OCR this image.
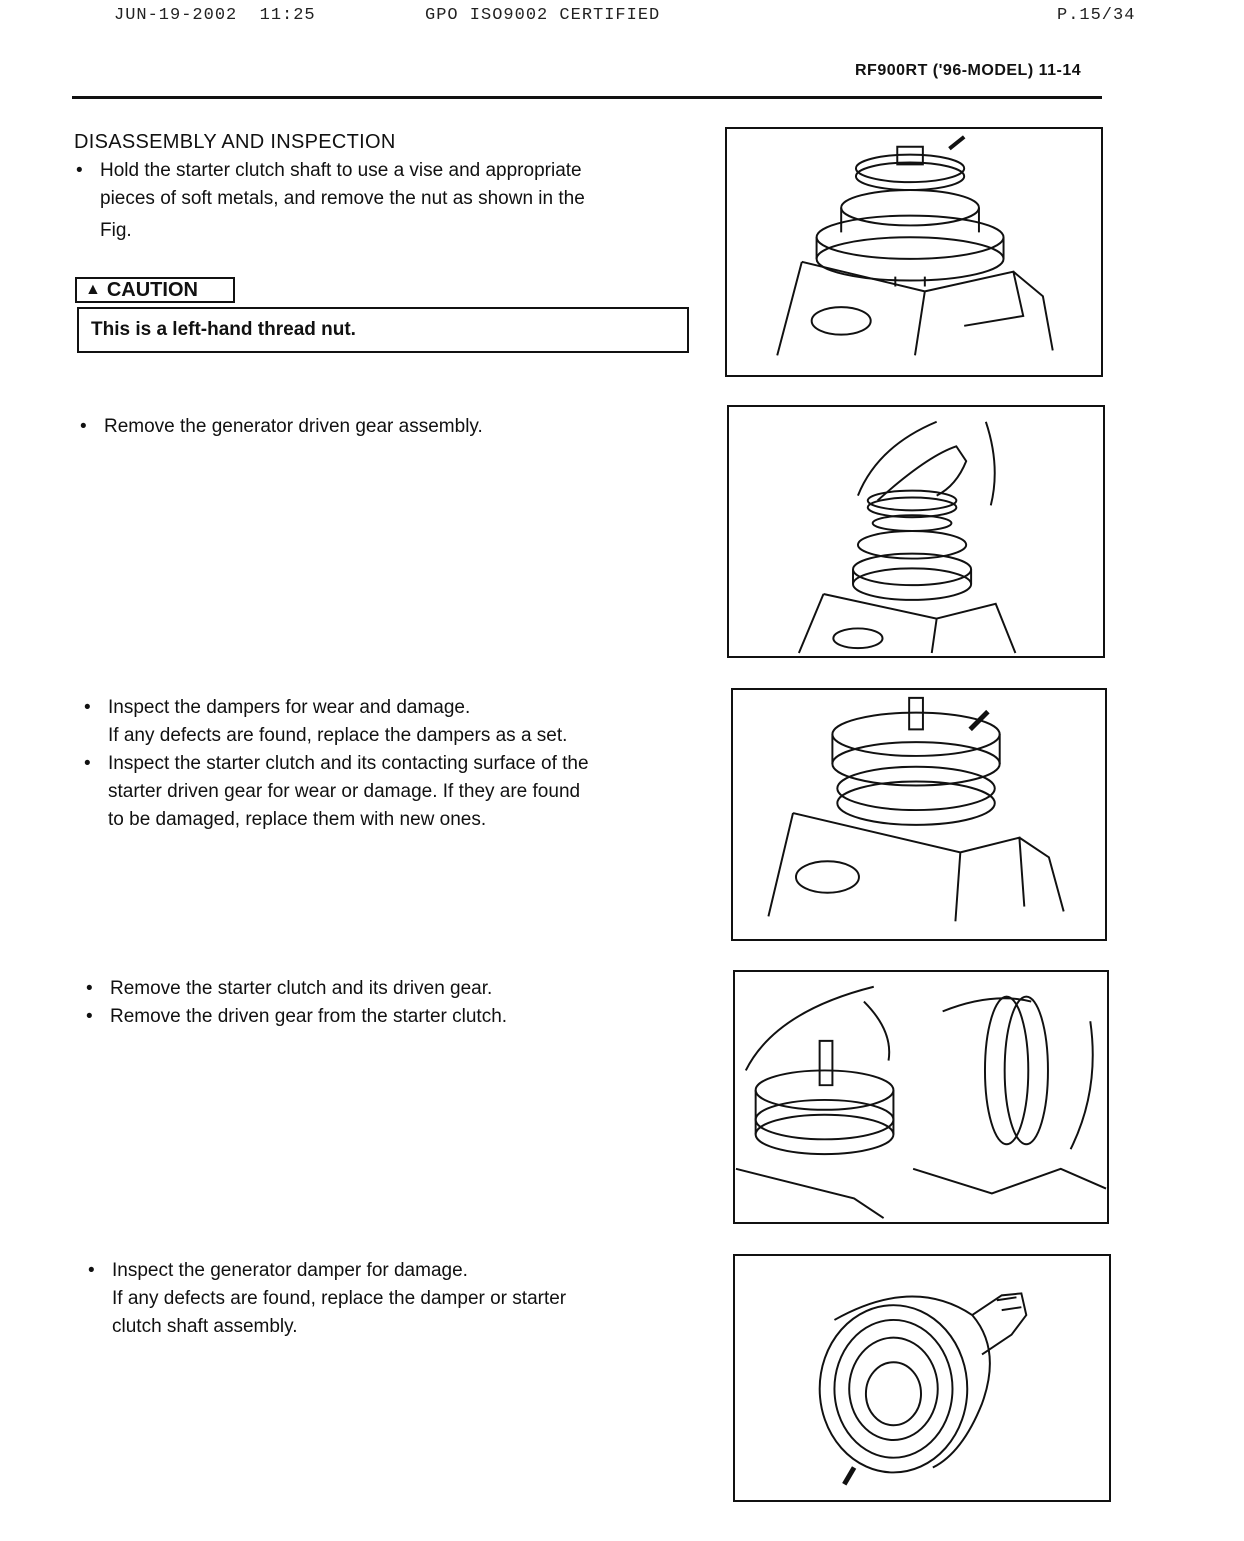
JUN-19-2002  11:25	GPO ISO9002 CERTIFIED	P.15/34
RF900RT ('96-MODEL) 11-14
DISASSEMBLY AND INSPECTION
• Hold the starter clutch shaft to use a vise and appropriate
pieces of soft metals, and remove the nut as shown in the
Fig.
▲ CAUTION
This is a left-hand thread nut.
• Remove the generator driven gear assembly.
• Inspect the dampers for wear and damage.
If any defects are found, replace the dampers as a set.
• Inspect the starter clutch and its contacting surface of the
starter driven gear for wear or damage. If they are found
to be damaged, replace them with new ones.
• Remove the starter clutch and its driven gear.
• Remove the driven gear from the starter clutch.
• Inspect the generator damper for damage.
If any defects are found, replace the damper or starter
clutch shaft assembly.
